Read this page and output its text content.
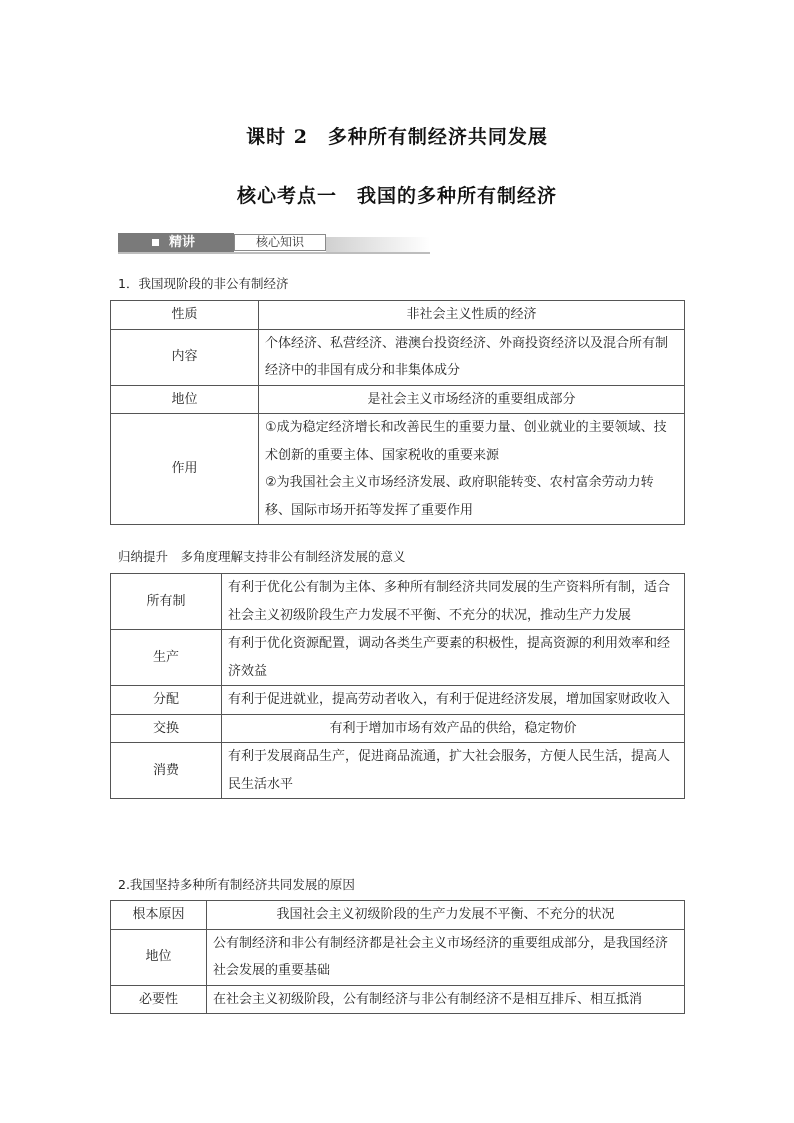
课时 2　多种所有制经济共同发展
核心考点一　我国的多种所有制经济
精讲	核心知识
1．我国现阶段的非公有制经济
性质	非社会主义性质的经济
内容	个体经济、私营经济、港澳台投资经济、外商投资经济以及混合所有制经济中的非国有成分和非集体成分
地位	是社会主义市场经济的重要组成部分
作用	①成为稳定经济增长和改善民生的重要力量、创业就业的主要领域、技术创新的重要主体、国家税收的重要来源
②为我国社会主义市场经济发展、政府职能转变、农村富余劳动力转移、国际市场开拓等发挥了重要作用
归纳提升　多角度理解支持非公有制经济发展的意义
所有制	有利于优化公有制为主体、多种所有制经济共同发展的生产资料所有制，适合社会主义初级阶段生产力发展不平衡、不充分的状况，推动生产力发展
生产	有利于优化资源配置，调动各类生产要素的积极性，提高资源的利用效率和经济效益
分配	有利于促进就业，提高劳动者收入，有利于促进经济发展，增加国家财政收入
交换	有利于增加市场有效产品的供给，稳定物价
消费	有利于发展商品生产，促进商品流通，扩大社会服务，方便人民生活，提高人民生活水平
2.我国坚持多种所有制经济共同发展的原因
根本原因	我国社会主义初级阶段的生产力发展不平衡、不充分的状况
地位	公有制经济和非公有制经济都是社会主义市场经济的重要组成部分，是我国经济社会发展的重要基础
必要性	在社会主义初级阶段，公有制经济与非公有制经济不是相互排斥、相互抵消
